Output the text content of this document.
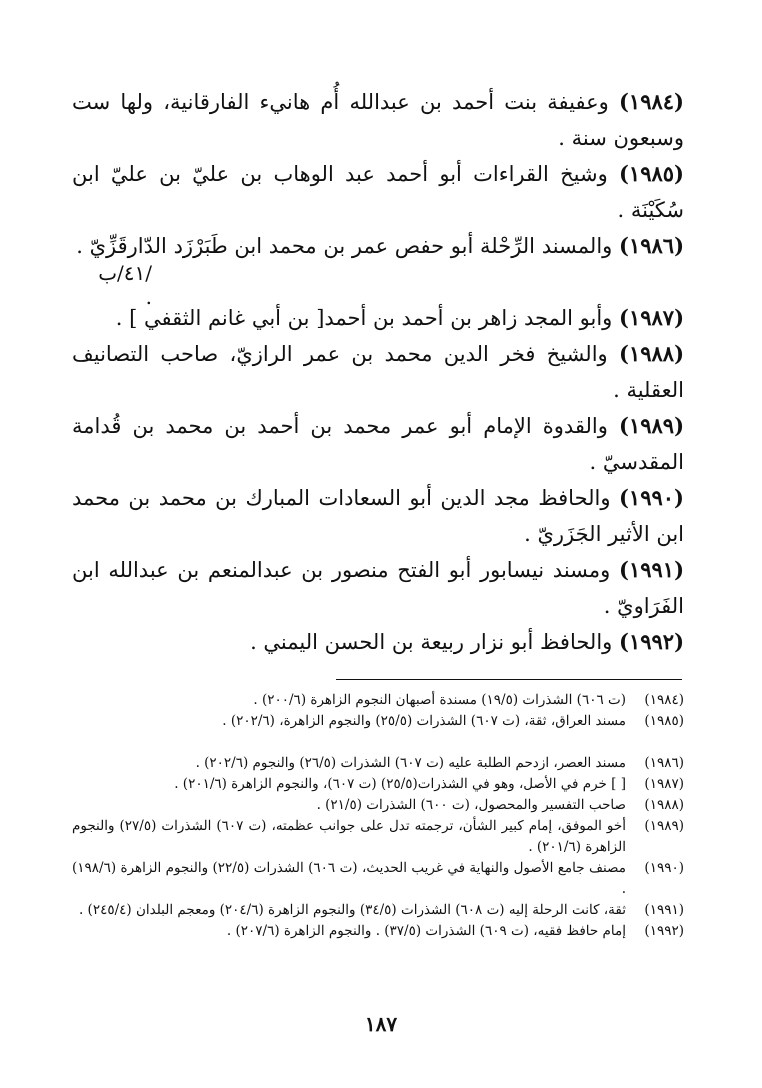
(١٩٨٤) وعفيفة بنت أحمد بن عبدالله أُم هانيء الفارقانية، ولها ست وسبعون سنة .

(١٩٨٥) وشيخ القراءات أبو أحمد عبد الوهاب بن عليّ بن عليّ ابن سُكَيْنَة .

(١٩٨٦) والمسند الرِّحْلة أبو حفص عمر بن محمد ابن طَبَرْزَد الدّارقَزِّيّ .

(١٩٨٧) وأبو المجد زاهر بن أحمد بن أحمد[ بن أبي غانم الثقفي ] .

(١٩٨٨) والشيخ فخر الدين محمد بن عمر الرازيّ، صاحب التصانيف العقلية .

(١٩٨٩) والقدوة الإمام أبو عمر محمد بن أحمد بن محمد بن قُدامة المقدسيّ .

(١٩٩٠) والحافظ مجد الدين أبو السعادات المبارك بن محمد بن محمد ابن الأثير الجَزَريّ .

(١٩٩١) ومسند نيسابور أبو الفتح منصور بن عبدالمنعم بن عبدالله ابن الفَرَاويّ .

(١٩٩٢) والحافظ أبو نزار ربيعة بن الحسن اليمني .

/٤١/ب .
(١٩٨٤)
(ت ٦٠٦) الشذرات (١٩/٥) مسندة أصبهان النجوم الزاهرة (٢٠٠/٦) .
(١٩٨٥)
مسند العراق، ثقة، (ت ٦٠٧) الشذرات (٢٥/٥) والنجوم الزاهرة، (٢٠٢/٦) .
(١٩٨٦)
مسند العصر، ازدحم الطلبة عليه (ت ٦٠٧) الشذرات (٢٦/٥) والنجوم (٢٠٢/٦) .
(١٩٨٧)
[ ] خرم في الأصل، وهو في الشذرات(٢٥/٥) (ت ٦٠٧)، والنجوم الزاهرة (٢٠١/٦) .
(١٩٨٨)
صاحب التفسير والمحصول، (ت ٦٠٠) الشذرات (٢١/٥) .
(١٩٨٩)
أخو الموفق، إمام كبير الشأن، ترجمته تدل على جوانب عظمته، (ت ٦٠٧) الشذرات (٢٧/٥) والنجوم الزاهرة (٢٠١/٦) .
(١٩٩٠)
مصنف جامع الأصول والنهاية في غريب الحديث، (ت ٦٠٦) الشذرات (٢٢/٥) والنجوم الزاهرة (١٩٨/٦) .
(١٩٩١)
ثقة، كانت الرحلة إليه (ت ٦٠٨) الشذرات (٣٤/٥) والنجوم الزاهرة (٢٠٤/٦) ومعجم البلدان (٢٤٥/٤) .
(١٩٩٢)
إمام حافظ فقيه، (ت ٦٠٩) الشذرات (٣٧/٥) . والنجوم الزاهرة (٢٠٧/٦) .
١٨٧
